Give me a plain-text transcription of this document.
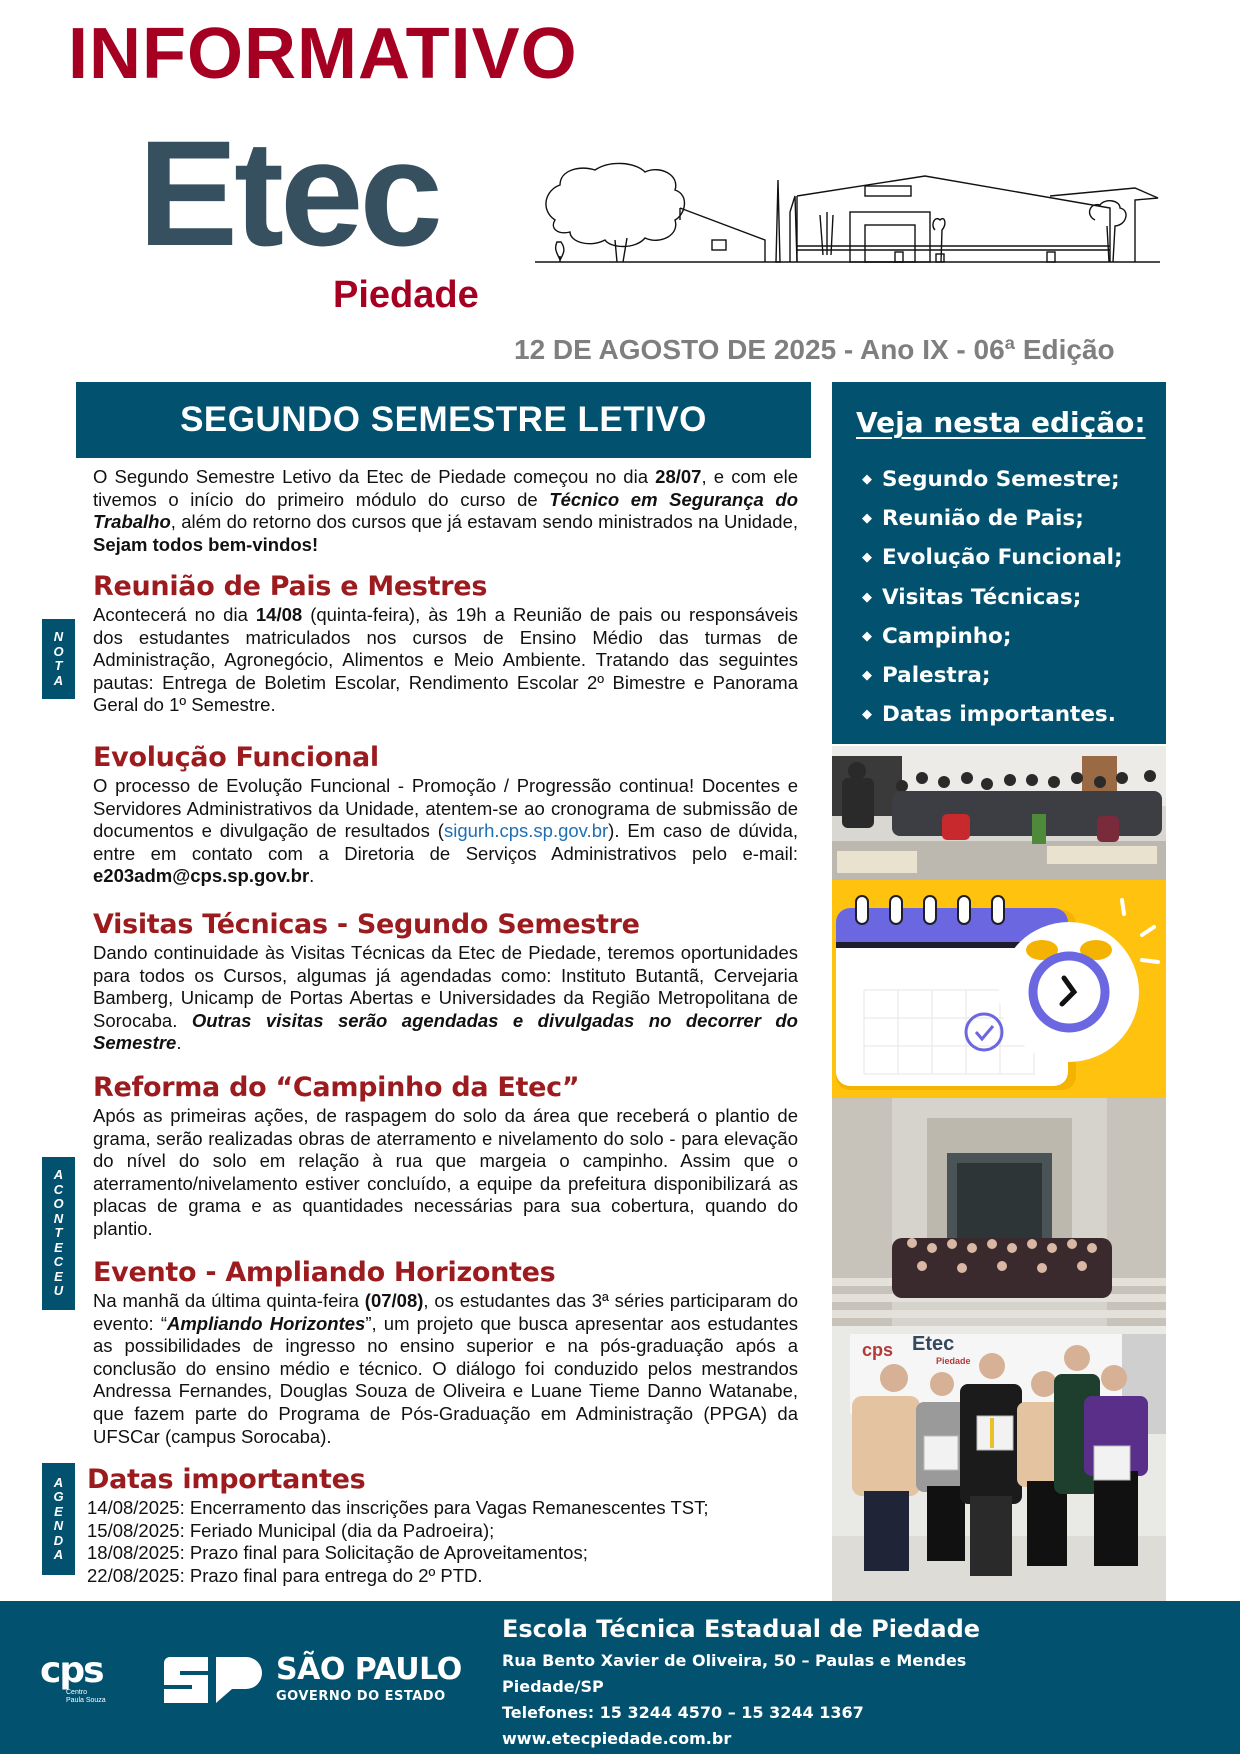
INFORMATIVO
Etec
Piedade
12 DE AGOSTO DE 2025 - Ano IX - 06ª Edição
SEGUNDO SEMESTRE LETIVO
O Segundo Semestre Letivo da Etec de Piedade começou no dia 28/07, e com ele tivemos o início do primeiro módulo do curso de Técnico em Segurança do Trabalho, além do retorno dos cursos que já estavam sendo ministrados na Unidade, Sejam todos bem-vindos!
N
O
T
A
Reunião de Pais e Mestres
Acontecerá no dia 14/08 (quinta-feira), às 19h a Reunião de pais ou responsáveis dos estudantes matriculados nos cursos de Ensino Médio das turmas de Administração, Agronegócio, Alimentos e Meio Ambiente. Tratando das seguintes pautas: Entrega de Boletim Escolar, Rendimento Escolar 2º Bimestre e Panorama Geral do 1º Semestre.
Evolução Funcional
O processo de Evolução Funcional - Promoção / Progressão continua! Docentes e Servidores Administrativos da Unidade, atentem-se ao cronograma de submissão de documentos e divulgação de resultados (sigurh.cps.sp.gov.br). Em caso de dúvida, entre em contato com a Diretoria de Serviços Administrativos pelo e-mail: e203adm@cps.sp.gov.br.
Visitas Técnicas - Segundo Semestre
Dando continuidade às Visitas Técnicas da Etec de Piedade, teremos oportunidades para todos os Cursos, algumas já agendadas como: Instituto Butantã, Cervejaria Bamberg, Unicamp de Portas Abertas e Universidades da Região Metropolitana de Sorocaba. Outras visitas serão agendadas e divulgadas no decorrer do Semestre.
A
C
O
N
T
E
C
E
U
Reforma do “Campinho da Etec”
Após as primeiras ações, de raspagem do solo da área que receberá o plantio de grama, serão realizadas obras de aterramento e nivelamento do solo - para elevação do nível do solo em relação à rua que margeia o campinho. Assim que o aterramento/nivelamento estiver concluído, a equipe da prefeitura disponibilizará as placas de grama e as quantidades necessárias para sua cobertura, quando do plantio.
Evento - Ampliando Horizontes
Na manhã da última quinta-feira (07/08), os estudantes das 3ª séries participaram do evento: “Ampliando Horizontes”, um projeto que busca apresentar aos estudantes as possibilidades de ingresso no ensino superior e na pós-graduação após a conclusão do ensino médio e técnico. O diálogo foi conduzido pelos mestrandos Andressa Fernandes, Douglas Souza de Oliveira e Luane Tieme Danno Watanabe, que fazem parte do Programa de Pós-Graduação em Administração (PPGA) da UFSCar (campus Sorocaba).
A
G
E
N
D
A
Datas importantes
14/08/2025: Encerramento das inscrições para Vagas Remanescentes TST;
15/08/2025: Feriado Municipal (dia da Padroeira);
18/08/2025: Prazo final para Solicitação de Aproveitamentos;
22/08/2025: Prazo final para entrega do 2º PTD.
Veja nesta edição:
◆ Segundo Semestre;
◆ Reunião de Pais;
◆ Evolução Funcional;
◆ Visitas Técnicas;
◆ Campinho;
◆ Palestra;
◆ Datas importantes.
cps Etec
Piedade
cps
Centro
Paula Souza
SÃO PAULO
GOVERNO DO ESTADO
Escola Técnica Estadual de Piedade
Rua Bento Xavier de Oliveira, 50 – Paulas e Mendes
Piedade/SP
Telefones: 15 3244 4570 – 15 3244 1367
www.etecpiedade.com.br
